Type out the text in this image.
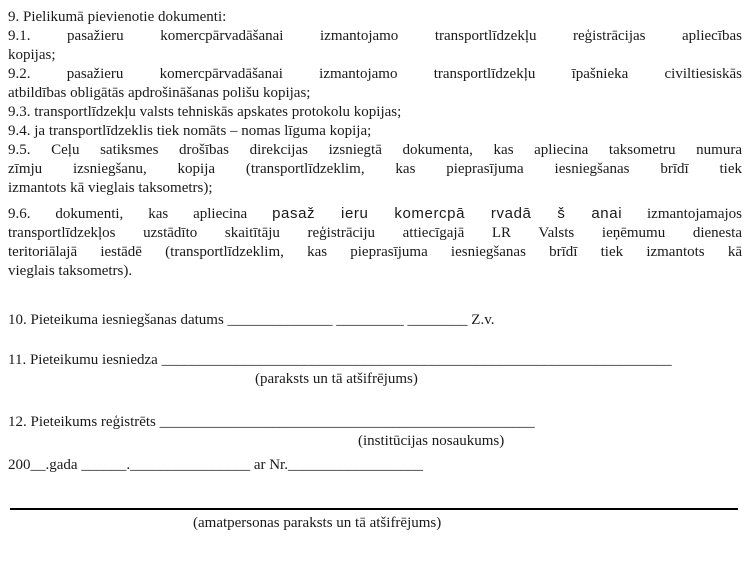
9. Pielikumā pievienotie dokumenti:
9.1. pasažieru komercpārvadāšanai izmantojamo transportlīdzekļu reģistrācijas apliecības
kopijas;
9.2. pasažieru komercpārvadāšanai izmantojamo transportlīdzekļu īpašnieka civiltiesiskās
atbildības obligātās apdrošināšanas polišu kopijas;
9.3. transportlīdzekļu valsts tehniskās apskates protokolu kopijas;
9.4. ja transportlīdzeklis tiek nomāts – nomas līguma kopija;
9.5. Ceļu satiksmes drošības direkcijas izsniegtā dokumenta, kas apliecina taksometru numura
zīmju izsniegšanu, kopija (transportlīdzeklim, kas pieprasījuma iesniegšanas brīdī tiek
izmantots kā vieglais taksometrs);
9.6. dokumenti, kas apliecina pasaž ieru komercpā rvadā š anai izmantojamajos
transportlīdzekļos uzstādīto skaitītāju reģistrāciju attiecīgajā LR Valsts ieņēmumu dienesta
teritoriālajā iestādē (transportlīdzeklim, kas pieprasījuma iesniegšanas brīdī tiek izmantots kā
vieglais taksometrs).
10. Pieteikuma iesniegšanas datums ______________ _________ ________ Z.v.
11. Pieteikumu iesniedza ____________________________________________________________________
(paraksts un tā atšifrējums)
12. Pieteikums reģistrēts __________________________________________________
(institūcijas nosaukums)
200__.gada ______.________________ ar Nr.__________________
(amatpersonas paraksts un tā atšifrējums)
